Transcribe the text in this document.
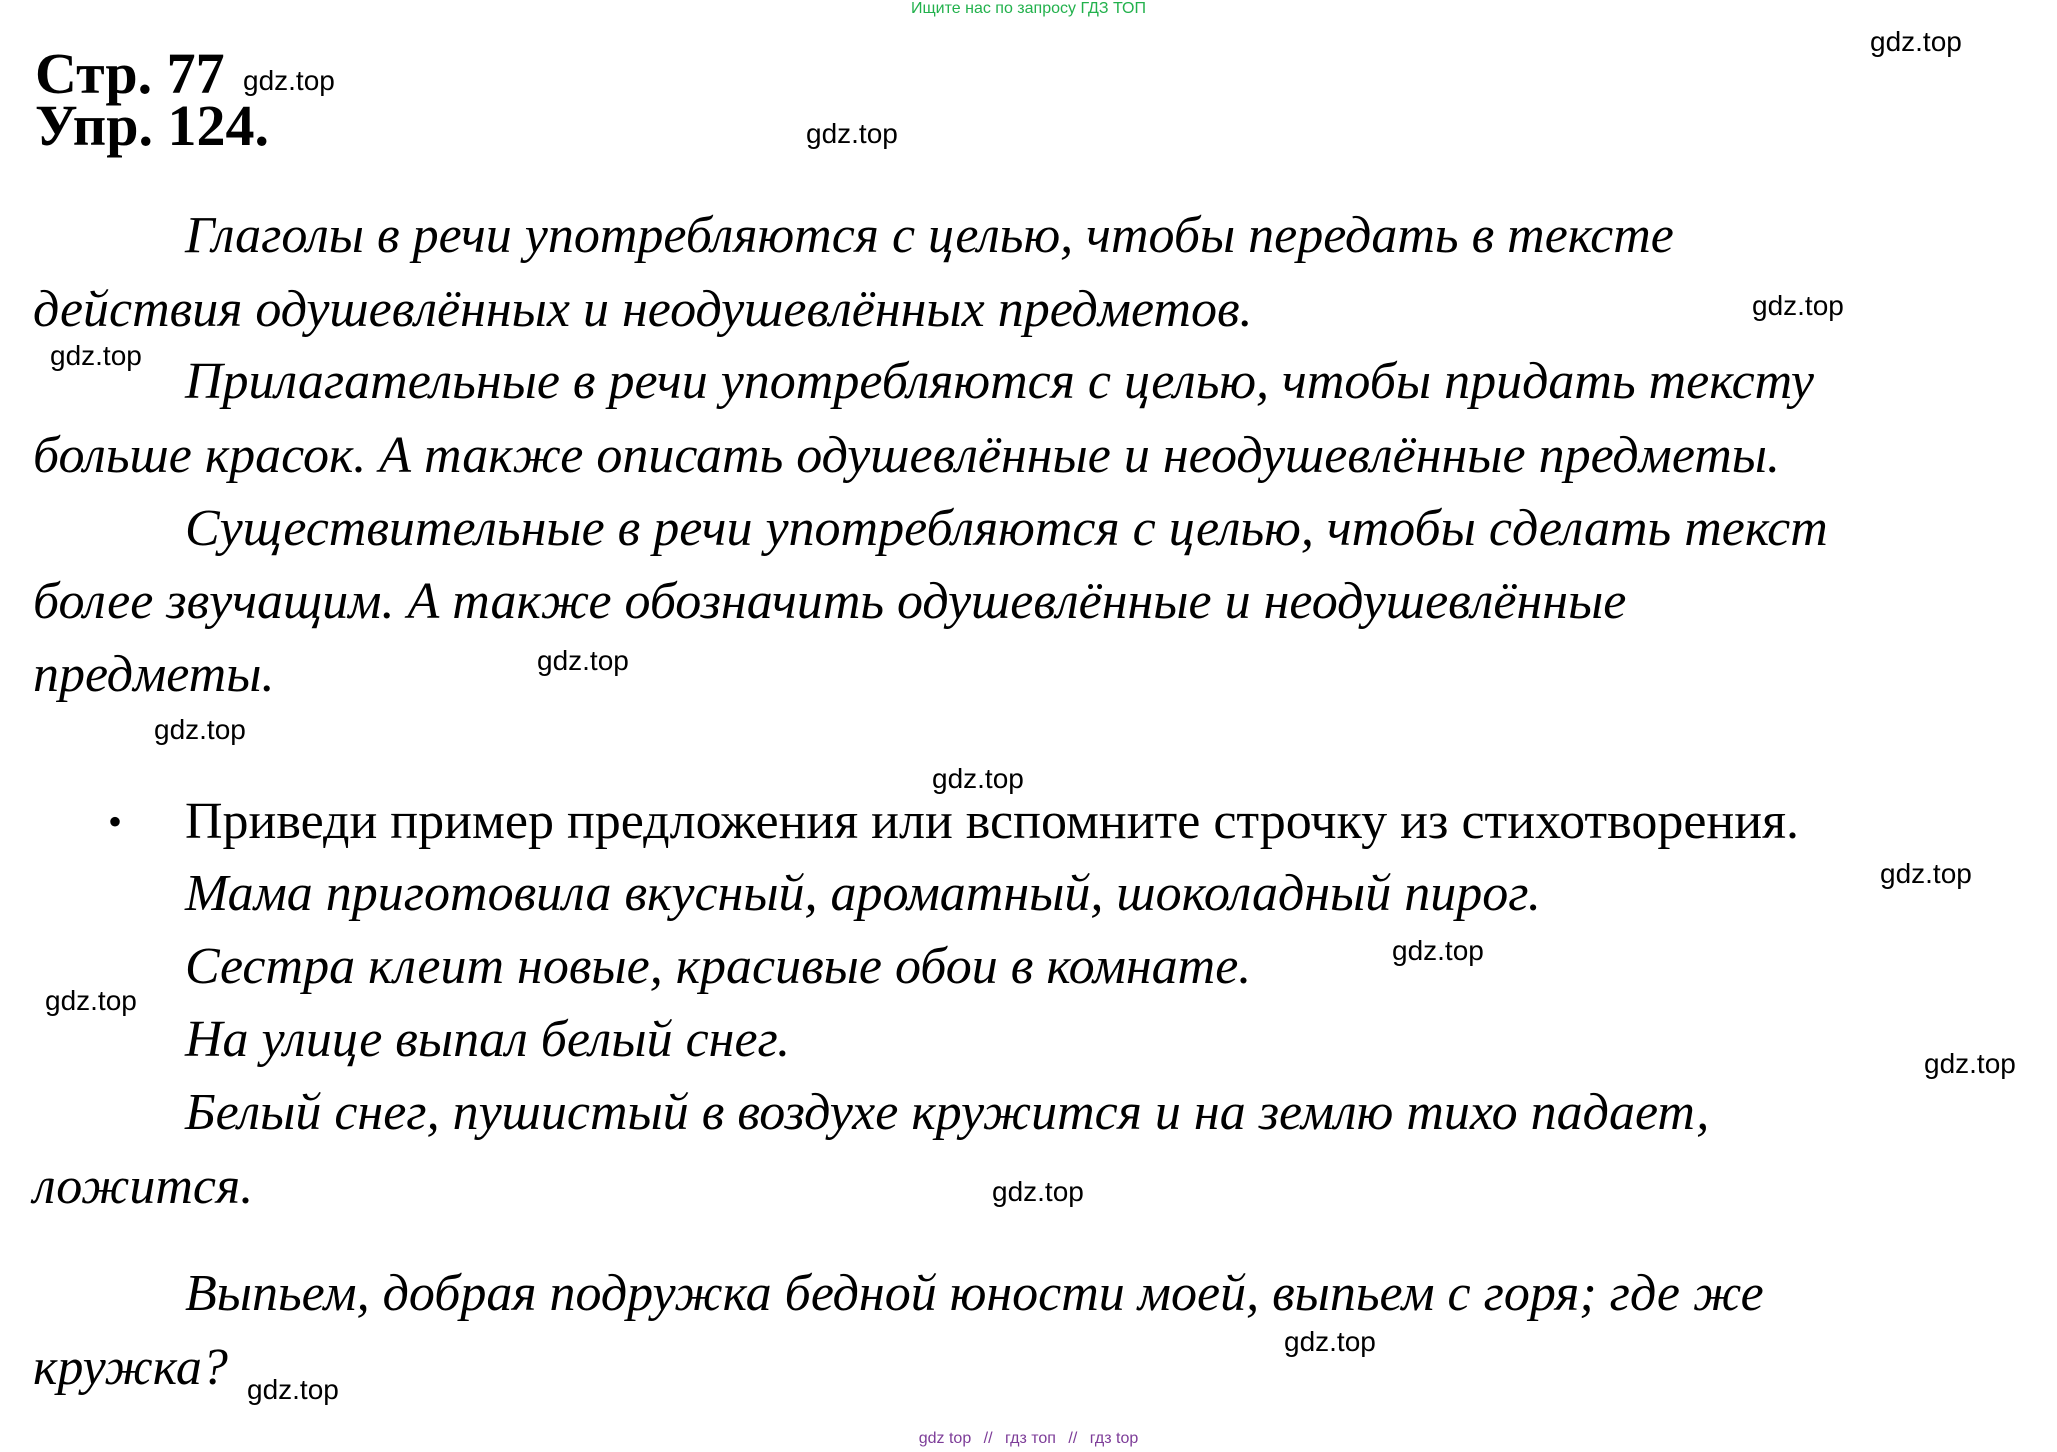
Ищите нас по запросу ГДЗ ТОП
Стр. 77
Упр. 124.
Глаголы в речи употребляются с целью, чтобы передать в тексте
действия одушевлённых и неодушевлённых предметов.
Прилагательные в речи употребляются с целью, чтобы придать тексту
больше красок. А также описать одушевлённые и неодушевлённые предметы.
Существительные в речи употребляются с целью, чтобы сделать текст
более звучащим. А также обозначить одушевлённые и неодушевлённые
предметы.
• Приведи пример предложения или вспомните строчку из стихотворения.
Мама приготовила вкусный, ароматный, шоколадный пирог.
Сестра клеит новые, красивые обои в комнате.
На улице выпал белый снег.
Белый снег, пушистый в воздухе кружится и на землю тихо падает,
ложится.
Выпьем, добрая подружка бедной юности моей, выпьем с горя; где же
кружка?
gdz.top
gdz.top
gdz.top
gdz.top
gdz.top
gdz.top
gdz.top
gdz.top
gdz.top
gdz.top
gdz.top
gdz.top
gdz.top
gdz.top
gdz.top
gdz top // гдз топ // гдз top
